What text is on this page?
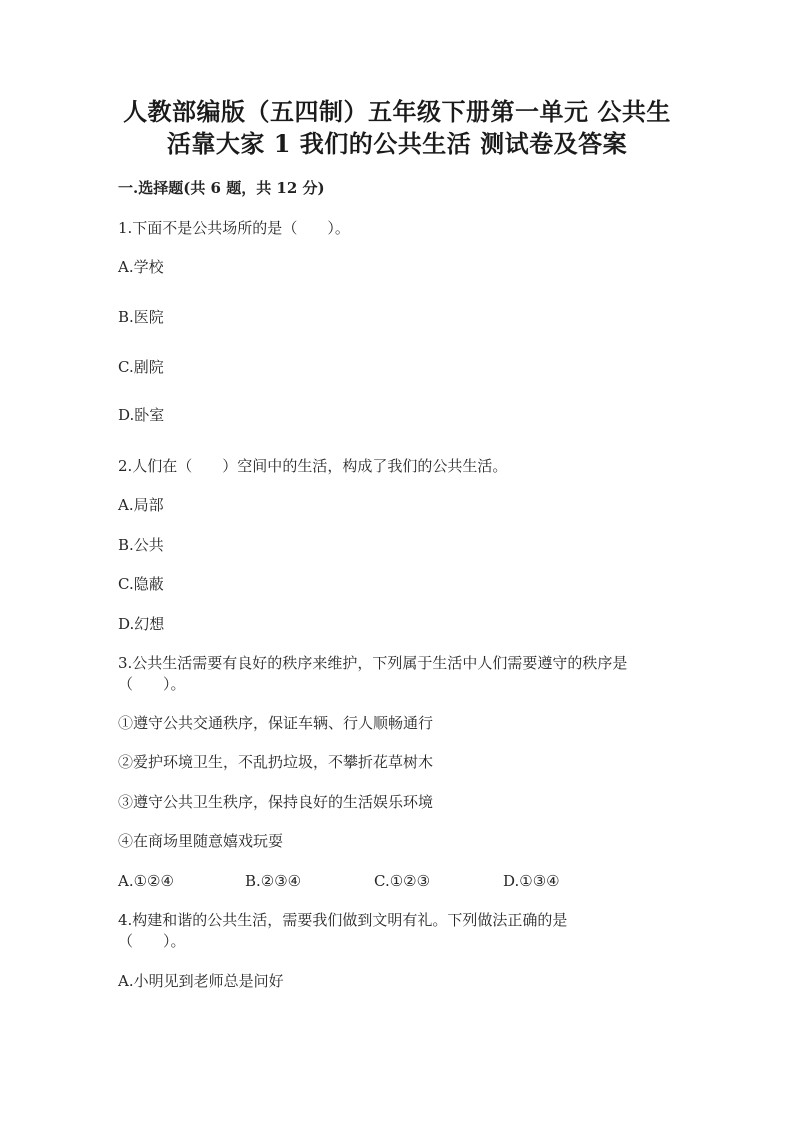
人教部编版（五四制）五年级下册第一单元 公共生
活靠大家 1 我们的公共生活 测试卷及答案
一.选择题(共 6 题，共 12 分)
1.下面不是公共场所的是（　　）。
A.学校
B.医院
C.剧院
D.卧室
2.人们在（　　）空间中的生活，构成了我们的公共生活。
A.局部
B.公共
C.隐蔽
D.幻想
3.公共生活需要有良好的秩序来维护，下列属于生活中人们需要遵守的秩序是
（　　）。
①遵守公共交通秩序，保证车辆、行人顺畅通行
②爱护环境卫生，不乱扔垃圾，不攀折花草树木
③遵守公共卫生秩序，保持良好的生活娱乐环境
④在商场里随意嬉戏玩耍
A.①②④	B.②③④	C.①②③	D.①③④
4.构建和谐的公共生活，需要我们做到文明有礼。下列做法正确的是
（　　）。
A.小明见到老师总是问好
